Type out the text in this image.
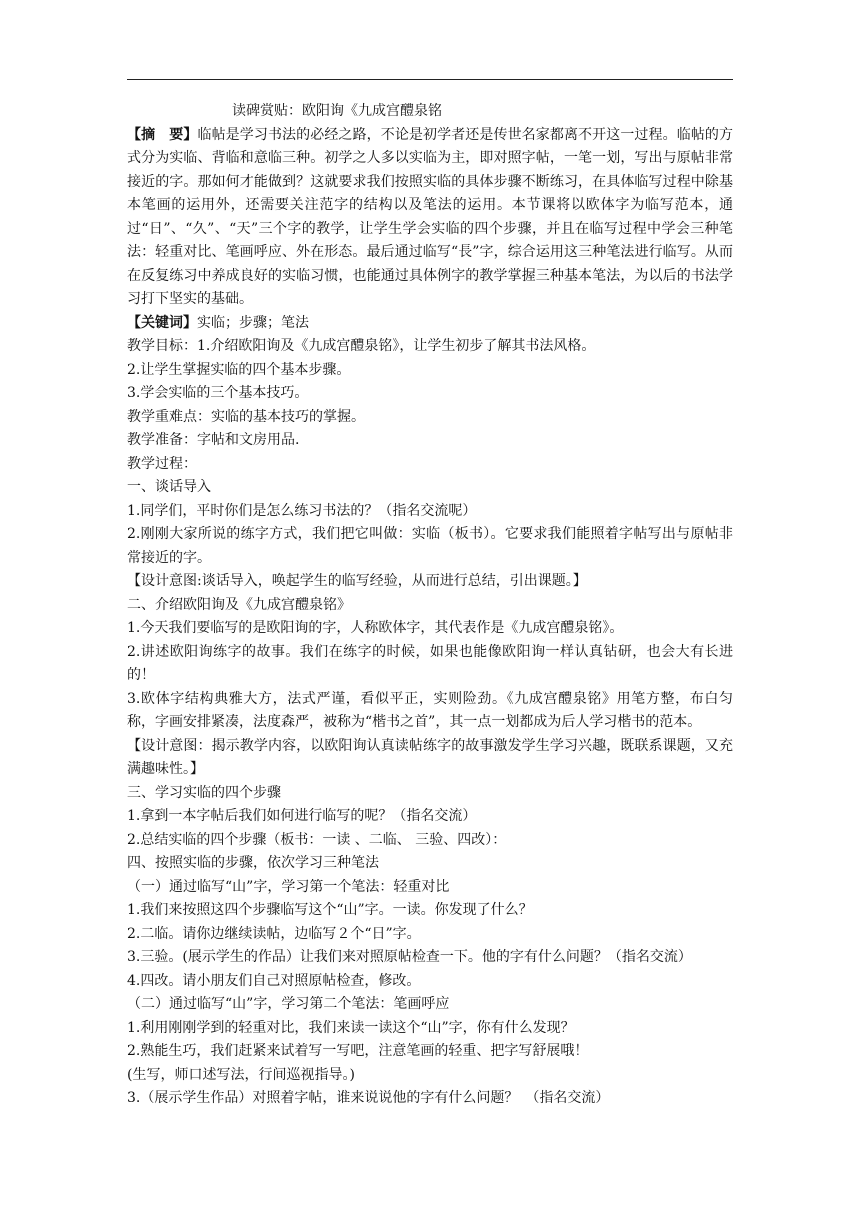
读碑赏贴：欧阳询《九成宫醴泉铭

【摘　要】临帖是学习书法的必经之路，不论是初学者还是传世名家都离不开这一过程。临帖的方式分为实临、背临和意临三种。初学之人多以实临为主，即对照字帖，一笔一划，写出与原帖非常接近的字。那如何才能做到？这就要求我们按照实临的具体步骤不断练习，在具体临写过程中除基本笔画的运用外，还需要关注范字的结构以及笔法的运用。本节课将以欧体字为临写范本，通过“日”、“久”、“天”三个字的教学，让学生学会实临的四个步骤，并且在临写过程中学会三种笔法：轻重对比、笔画呼应、外在形态。最后通过临写“長”字，综合运用这三种笔法进行临写。从而在反复练习中养成良好的实临习惯，也能通过具体例字的教学掌握三种基本笔法，为以后的书法学习打下坚实的基础。

【关键词】实临；步骤；笔法

教学目标：1.介绍欧阳询及《九成宫醴泉铭》，让学生初步了解其书法风格。

2.让学生掌握实临的四个基本步骤。

3.学会实临的三个基本技巧。

教学重难点：实临的基本技巧的掌握。

教学准备：字帖和文房用品.

教学过程：

一、谈话导入

1.同学们，平时你们是怎么练习书法的？（指名交流呢）

2.刚刚大家所说的练字方式，我们把它叫做：实临（板书）。它要求我们能照着字帖写出与原帖非常接近的字。

【设计意图:谈话导入，唤起学生的临写经验，从而进行总结，引出课题。】

二、介绍欧阳询及《九成宫醴泉铭》

1.今天我们要临写的是欧阳询的字，人称欧体字，其代表作是《九成宫醴泉铭》。

2.讲述欧阳询练字的故事。我们在练字的时候，如果也能像欧阳询一样认真钻研，也会大有长进的！

3.欧体字结构典雅大方，法式严谨，看似平正，实则险劲。《九成宫醴泉铭》用笔方整，布白匀称，字画安排紧凑，法度森严，被称为“楷书之首”，其一点一划都成为后人学习楷书的范本。

【设计意图：揭示教学内容，以欧阳询认真读帖练字的故事激发学生学习兴趣，既联系课题，又充满趣味性。】

三、学习实临的四个步骤

1.拿到一本字帖后我们如何进行临写的呢？（指名交流）

2.总结实临的四个步骤（板书：一读 、二临、 三验、四改）：

四、按照实临的步骤，依次学习三种笔法

（一）通过临写“山”字，学习第一个笔法：轻重对比

1.我们来按照这四个步骤临写这个“山”字。一读。你发现了什么？

2.二临。请你边继续读帖，边临写２个“日”字。

3.三验。(展示学生的作品）让我们来对照原帖检查一下。他的字有什么问题？（指名交流）

4.四改。请小朋友们自己对照原帖检查，修改。

（二）通过临写“山”字，学习第二个笔法：笔画呼应

1.利用刚刚学到的轻重对比，我们来读一读这个“山”字，你有什么发现？

2.熟能生巧，我们赶紧来试着写一写吧，注意笔画的轻重、把字写舒展哦！

(生写，师口述写法，行间巡视指导。)

3.（展示学生作品）对照着字帖，谁来说说他的字有什么问题？　（指名交流）
